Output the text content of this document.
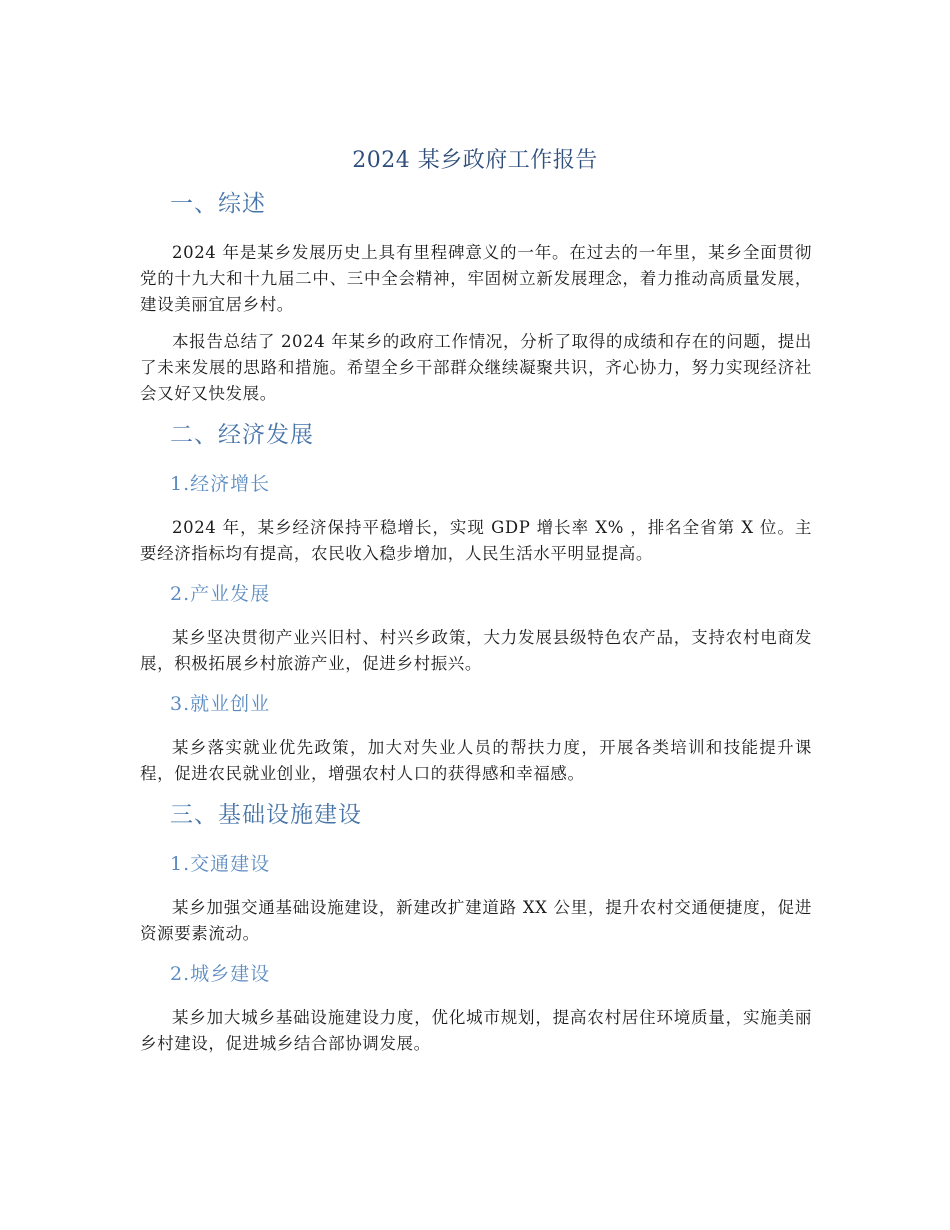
2024 某乡政府工作报告
一、综述

2024 年是某乡发展历史上具有里程碑意义的一年。在过去的一年里，某乡全面贯彻党的十九大和十九届二中、三中全会精神，牢固树立新发展理念，着力推动高质量发展，建设美丽宜居乡村。

本报告总结了 2024 年某乡的政府工作情况，分析了取得的成绩和存在的问题，提出了未来发展的思路和措施。希望全乡干部群众继续凝聚共识，齐心协力，努力实现经济社会又好又快发展。

二、经济发展
1.经济增长

2024 年，某乡经济保持平稳增长，实现 GDP 增长率 X% ，排名全省第 X 位。主要经济指标均有提高，农民收入稳步增加，人民生活水平明显提高。

2.产业发展

某乡坚决贯彻产业兴旧村、村兴乡政策，大力发展县级特色农产品，支持农村电商发展，积极拓展乡村旅游产业，促进乡村振兴。

3.就业创业

某乡落实就业优先政策，加大对失业人员的帮扶力度，开展各类培训和技能提升课程，促进农民就业创业，增强农村人口的获得感和幸福感。

三、基础设施建设
1.交通建设

某乡加强交通基础设施建设，新建改扩建道路 XX 公里，提升农村交通便捷度，促进资源要素流动。

2.城乡建设

某乡加大城乡基础设施建设力度，优化城市规划，提高农村居住环境质量，实施美丽乡村建设，促进城乡结合部协调发展。
